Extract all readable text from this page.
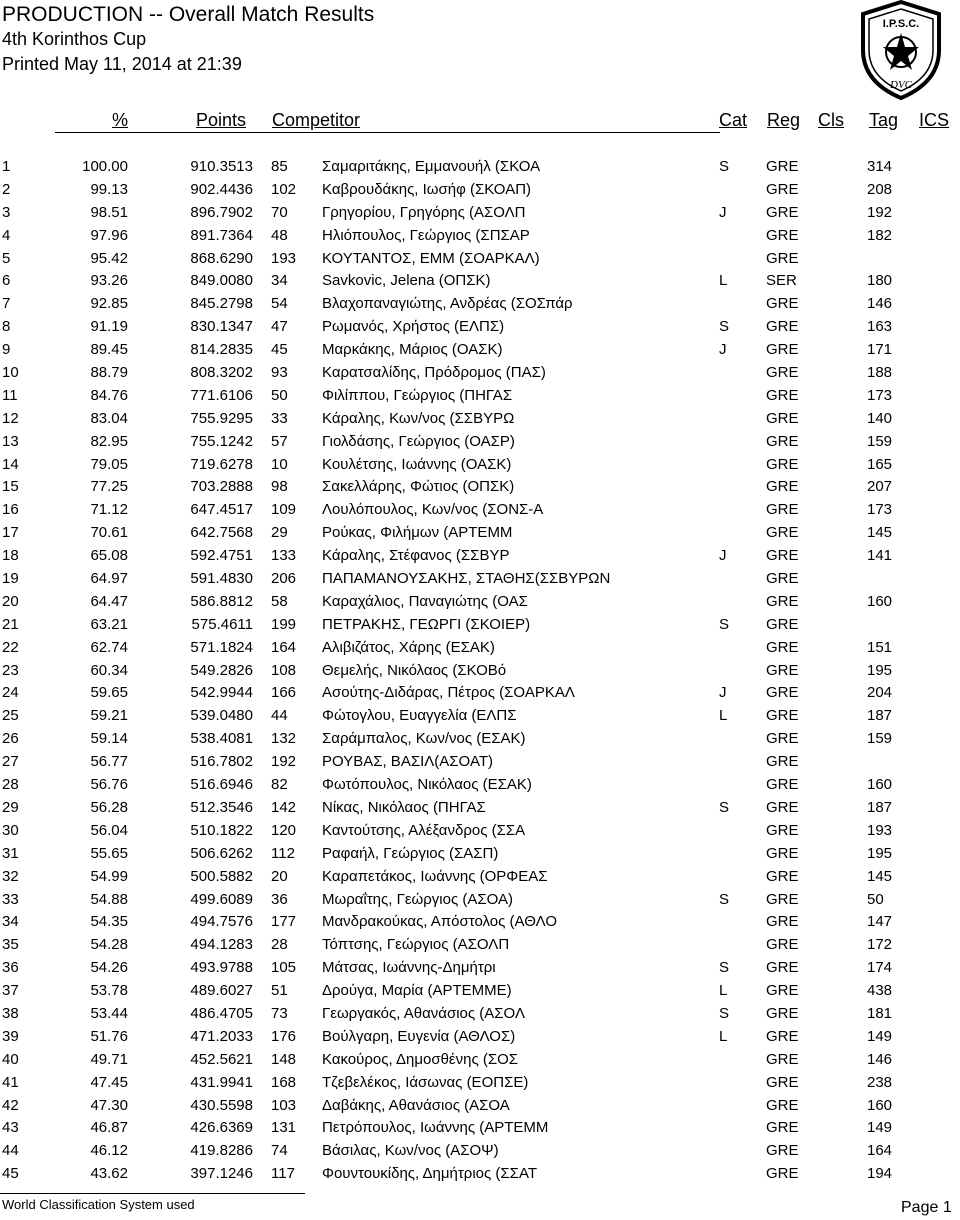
PRODUCTION -- Overall Match Results
4th Korinthos Cup
Printed May 11, 2014 at 21:39
I.P.S.C.
DVC
%	Points Competitor	Cat Reg Cls Tag ICS
1	100.00	910.3513 85 Σαμαριτάκης, Εμμανουήλ (ΣΚΟΑ	S GRE	314
2	99.13	902.4436 102 Καβρουδάκης, Ιωσήφ (ΣΚΟΑΠ)	GRE	208
3	98.51	896.7902 70 Γρηγορίου, Γρηγόρης (ΑΣΟΛΠ	J	GRE	192
4	97.96	891.7364 48 Ηλιόπουλος, Γεώργιος (ΣΠΣΑΡ	GRE	182
5	95.42	868.6290 193 ΚΟΥΤΑΝΤΟΣ, ΕΜΜ (ΣΟΑΡΚΑΛ)	GRE
6	93.26	849.0080 34 Savkovic, Jelena (ΟΠΣΚ)	L	SER	180
7	92.85	845.2798 54 Βλαχοπαναγιώτης, Ανδρέας (ΣΟΣπάρ	GRE	146
8	91.19	830.1347 47 Ρωμανός, Χρήστος (ΕΛΠΣ)	S GRE	163
9	89.45	814.2835 45 Μαρκάκης, Μάριος (ΟΑΣΚ)	J	GRE	171
10	88.79	808.3202 93 Καρατσαλίδης, Πρόδρομος (ΠΑΣ)	GRE	188
11	84.76	771.6106 50 Φιλίππου, Γεώργιος (ΠΗΓΑΣ	GRE	173
12	83.04	755.9295 33 Κάραλης, Κων/νος (ΣΣΒΥΡΩ	GRE	140
13	82.95	755.1242 57 Γιολδάσης, Γεώργιος (ΟΑΣΡ)	GRE	159
14	79.05	719.6278 10 Κουλέτσης, Ιωάννης (ΟΑΣΚ)	GRE	165
15	77.25	703.2888 98 Σακελλάρης, Φώτιος (ΟΠΣΚ)	GRE	207
16	71.12	647.4517 109 Λουλόπουλος, Κων/νος (ΣΟΝΣ-Α	GRE	173
17	70.61	642.7568 29 Ρούκας, Φιλήμων (ΑΡΤΕΜΜ	GRE	145
18	65.08	592.4751 133 Κάραλης, Στέφανος (ΣΣΒΥΡ	J	GRE	141
19	64.97	591.4830 206 ΠΑΠΑΜΑΝΟΥΣΑΚΗΣ, ΣΤΑΘΗΣ(ΣΣΒΥΡΩΝ	GRE
20	64.47	586.8812 58 Καραχάλιος, Παναγιώτης (ΟΑΣ	GRE	160
21	63.21	575.4611 199 ΠΕΤΡΑΚΗΣ, ΓΕΩΡΓΙ (ΣΚΟΙΕΡ)	S GRE
22	62.74	571.1824 164 Αλιβιζάτος, Χάρης (ΕΣΑΚ)	GRE	151
23	60.34	549.2826 108 Θεμελής, Νικόλαος (ΣΚΟΒό	GRE	195
24	59.65	542.9944 166 Ασούτης-Διδάρας, Πέτρος (ΣΟΑΡΚΑΛ	J	GRE	204
25	59.21	539.0480 44 Φώτογλου, Ευαγγελία (ΕΛΠΣ	L	GRE	187
26	59.14	538.4081 132 Σαράμπαλος, Κων/νος (ΕΣΑΚ)	GRE	159
27	56.77	516.7802 192 ΡΟΥΒΑΣ, ΒΑΣΙΛ(ΑΣΟΑΤ)	GRE
28	56.76	516.6946 82 Φωτόπουλος, Νικόλαος (ΕΣΑΚ)	GRE	160
29	56.28	512.3546 142 Νίκας, Νικόλαος (ΠΗΓΑΣ	S GRE	187
30	56.04	510.1822 120 Καντούτσης, Αλέξανδρος (ΣΣΑ	GRE	193
31	55.65	506.6262 112 Ραφαήλ, Γεώργιος (ΣΑΣΠ)	GRE	195
32	54.99	500.5882 20 Καραπετάκος, Ιωάννης (ΟΡΦΕΑΣ	GRE	145
33	54.88	499.6089 36 Μωραΐτης, Γεώργιος (ΑΣΟΑ)	S GRE	50
34	54.35	494.7576 177 Μανδρακούκας, Απόστολος (ΑΘΛΟ	GRE	147
35	54.28	494.1283 28 Τόπτσης, Γεώργιος (ΑΣΟΛΠ	GRE	172
36	54.26	493.9788 105 Μάτσας, Ιωάννης-Δημήτρι	S GRE	174
37	53.78	489.6027 51 Δρούγα, Μαρία (ΑΡΤΕΜΜΕ)	L	GRE	438
38	53.44	486.4705 73 Γεωργακός, Αθανάσιος (ΑΣΟΛ	S GRE	181
39	51.76	471.2033 176 Βούλγαρη, Ευγενία (ΑΘΛΟΣ)	L	GRE	149
40	49.71	452.5621 148 Κακούρος, Δημοσθένης (ΣΟΣ	GRE	146
41	47.45	431.9941 168 Τζεβελέκος, Ιάσωνας (ΕΟΠΣΕ)	GRE	238
42	47.30	430.5598 103 Δαβάκης, Αθανάσιος (ΑΣΟΑ	GRE	160
43	46.87	426.6369 131 Πετρόπουλος, Ιωάννης (ΑΡΤΕΜΜ	GRE	149
44	46.12	419.8286 74 Βάσιλας, Κων/νος (ΑΣΟΨ)	GRE	164
45	43.62	397.1246 117 Φουντουκίδης, Δημήτριος (ΣΣΑΤ	GRE	194
World Classification System used	Page 1
